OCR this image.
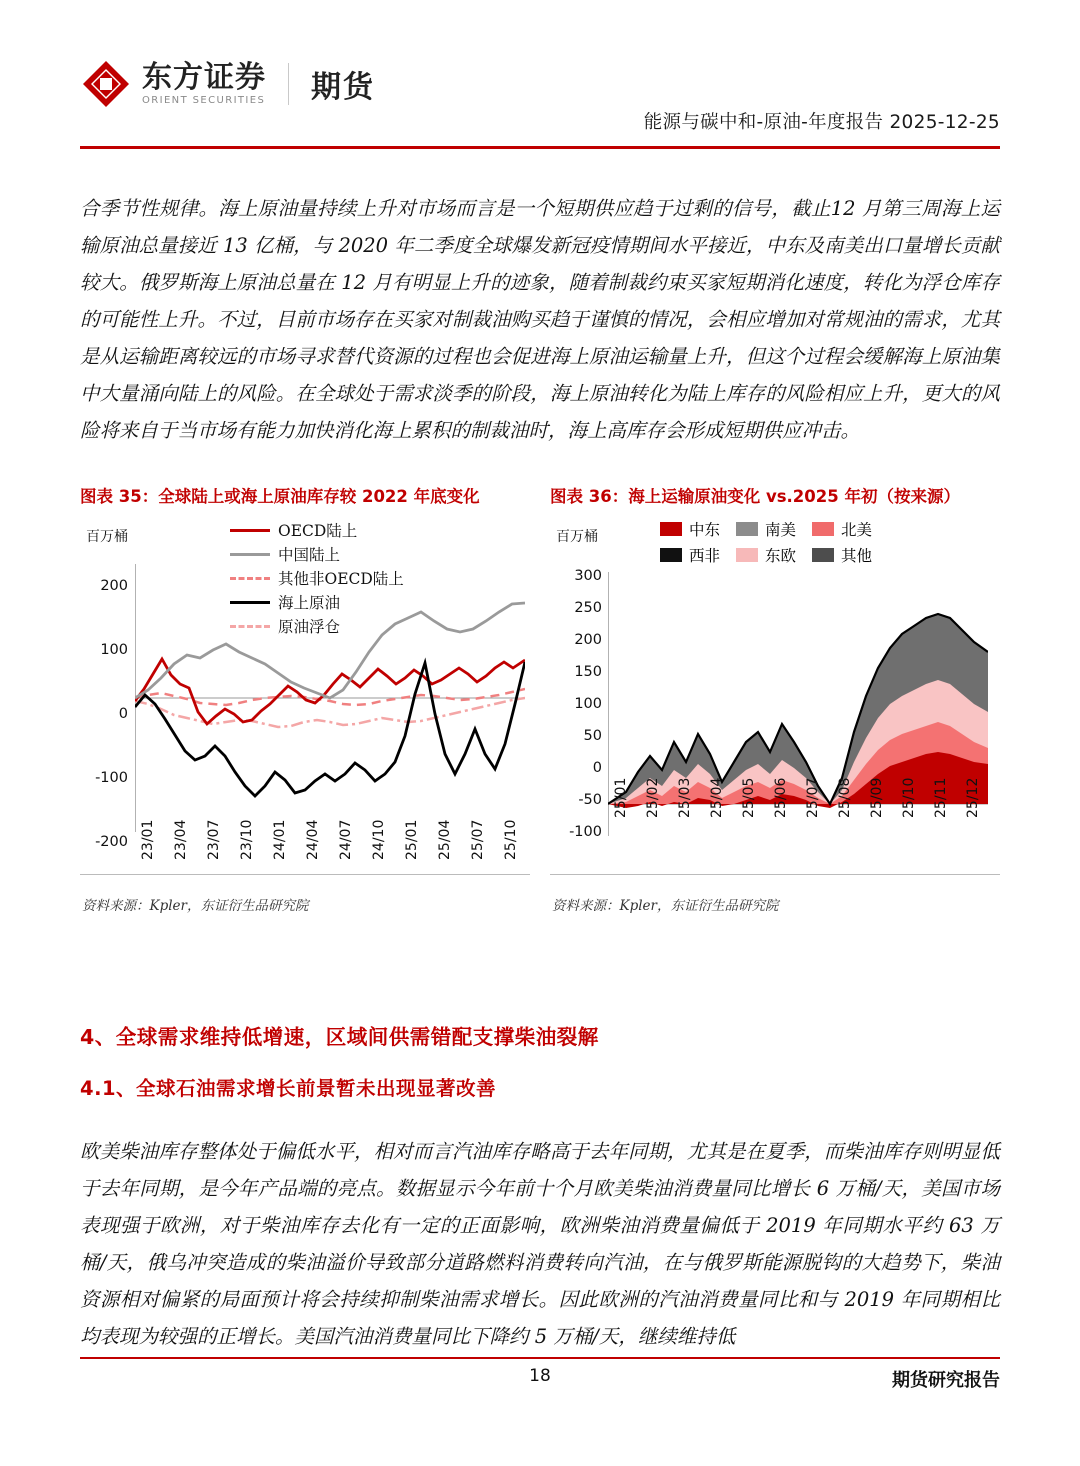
东方证券
ORIENT SECURITIES 期货
能源与碳中和-原油-年度报告 2025-12-25
合季节性规律。海上原油量持续上升对市场而言是一个短期供应趋于过剩的信号，截止12 月第三周海上运输原油总量接近 13 亿桶，与 2020 年二季度全球爆发新冠疫情期间水平接近，中东及南美出口量增长贡献较大。俄罗斯海上原油总量在 12 月有明显上升的迹象，随着制裁约束买家短期消化速度，转化为浮仓库存的可能性上升。不过，目前市场存在买家对制裁油购买趋于谨慎的情况，会相应增加对常规油的需求，尤其是从运输距离较远的市场寻求替代资源的过程也会促进海上原油运输量上升，但这个过程会缓解海上原油集中大量涌向陆上的风险。在全球处于需求淡季的阶段，海上原油转化为陆上库存的风险相应上升，更大的风险将来自于当市场有能力加快消化海上累积的制裁油时，海上高库存会形成短期供应冲击。
图表 35：全球陆上或海上原油库存较 2022 年底变化
百万桶	OECD陆上
中国陆上
其他非OECD陆上
海上原油
原油浮仓
200
100
0
-100
-200 23/01 23/04 23/07 23/10 24/01 24/04 24/07 24/10 25/01 25/04 25/07 25/10
资料来源：Kpler，东证衍生品研究院
图表 36：海上运输原油变化 vs.2025 年初（按来源）
百万桶	中东	南美	北美
西非	东欧	其他
300
250
200
150
100
50
0
-50
-100
25/01 25/02 25/03 25/04 25/05 25/06 25/07 25/08 25/09 25/10 25/11 25/12
资料来源：Kpler，东证衍生品研究院
4、全球需求维持低增速，区域间供需错配支撑柴油裂解
4.1、全球石油需求增长前景暂未出现显著改善
欧美柴油库存整体处于偏低水平，相对而言汽油库存略高于去年同期，尤其是在夏季，而柴油库存则明显低于去年同期，是今年产品端的亮点。数据显示今年前十个月欧美柴油消费量同比增长 6 万桶/天，美国市场表现强于欧洲，对于柴油库存去化有一定的正面影响，欧洲柴油消费量偏低于 2019 年同期水平约 63 万桶/天，俄乌冲突造成的柴油溢价导致部分道路燃料消费转向汽油，在与俄罗斯能源脱钩的大趋势下，柴油资源相对偏紧的局面预计将会持续抑制柴油需求增长。因此欧洲的汽油消费量同比和与 2019 年同期相比均表现为较强的正增长。美国汽油消费量同比下降约 5 万桶/天，继续维持低
18	期货研究报告
